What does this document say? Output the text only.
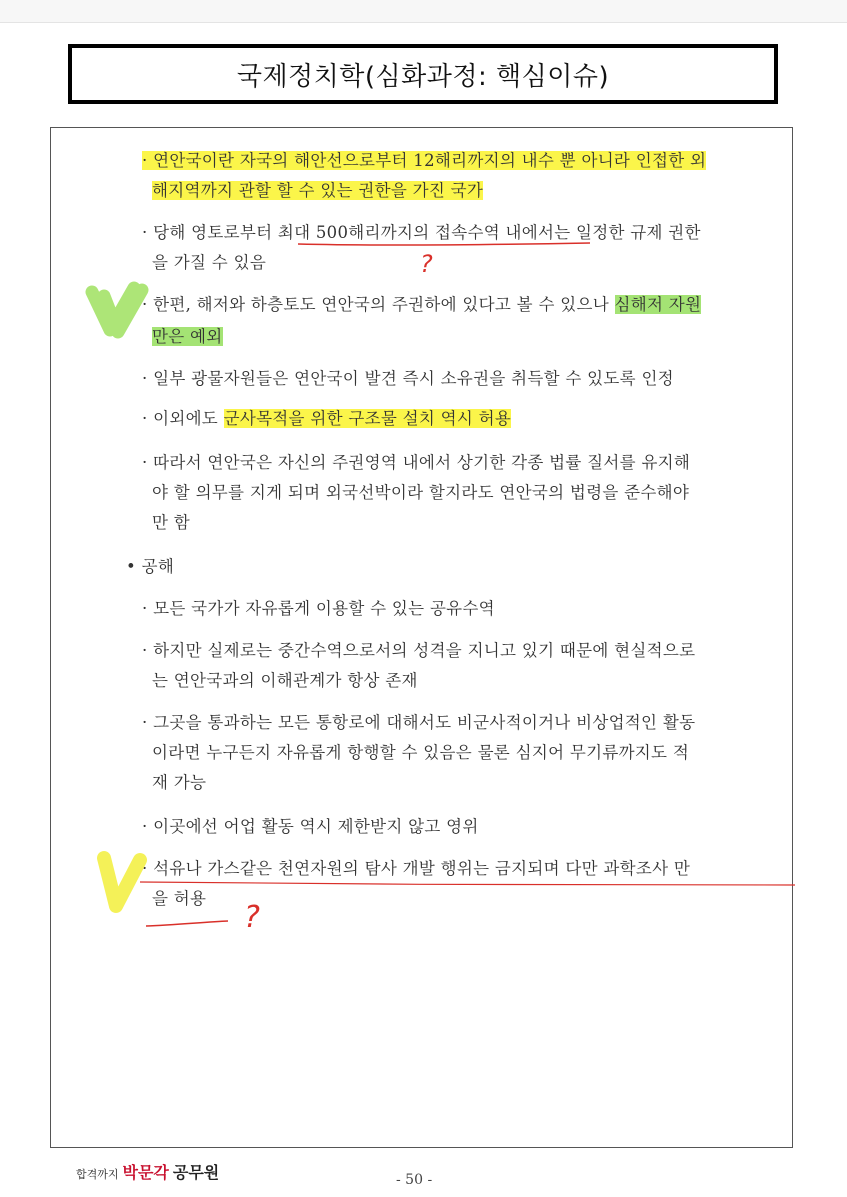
국제정치학(심화과정: 핵심이슈)
· 연안국이란 자국의 해안선으로부터 12해리까지의 내수 뿐 아니라 인접한 외
해지역까지 관할 할 수 있는 권한을 가진 국가
· 당해 영토로부터 최대 500해리까지의 접속수역 내에서는 일정한 규제 권한
을 가질 수 있음
· 한편, 해저와 하층토도 연안국의 주권하에 있다고 볼 수 있으나 심해저 자원
만은 예외
· 일부 광물자원들은 연안국이 발견 즉시 소유권을 취득할 수 있도록 인정
· 이외에도 군사목적을 위한 구조물 설치 역시 허용
· 따라서 연안국은 자신의 주권영역 내에서 상기한 각종 법률 질서를 유지해
야 할 의무를 지게 되며 외국선박이라 할지라도 연안국의 법령을 준수해야
만 함
• 공해
· 모든 국가가 자유롭게 이용할 수 있는 공유수역
· 하지만 실제로는 중간수역으로서의 성격을 지니고 있기 때문에 현실적으로
는 연안국과의 이해관계가 항상 존재
· 그곳을 통과하는 모든 통항로에 대해서도 비군사적이거나 비상업적인 활동
이라면 누구든지 자유롭게 항행할 수 있음은 물론 심지어 무기류까지도 적
재 가능
· 이곳에선 어업 활동 역시 제한받지 않고 영위
· 석유나 가스같은 천연자원의 탐사 개발 행위는 금지되며 다만 과학조사 만
을 허용
?
?
합격까지 박문각 공무원	- 50 -
